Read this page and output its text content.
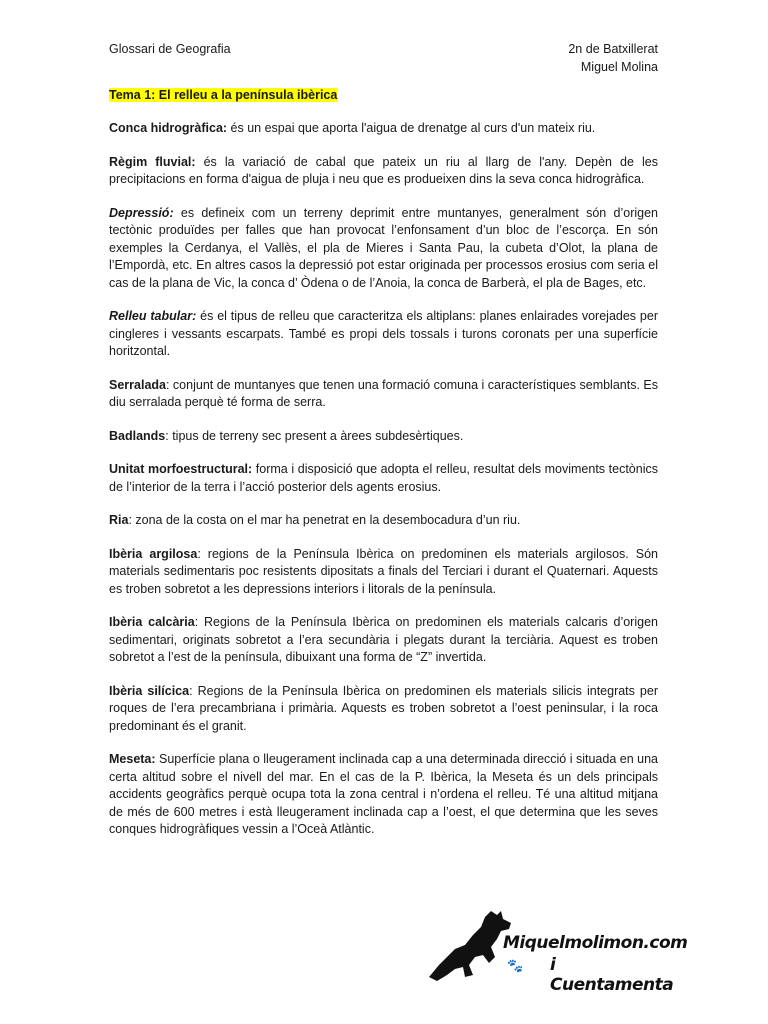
Glossari de Geografia	2n de Batxillerat
Miguel Molina
Tema 1: El relleu a la península ibèrica

Conca hidrogràfica: és un espai que aporta l'aigua de drenatge al curs d'un mateix riu.

Règim fluvial: és la variació de cabal que pateix un riu al llarg de l'any. Depèn de les precipitacions en forma d'aigua de pluja i neu que es produeixen dins la seva conca hidrogràfica.

Depressió: es defineix com un terreny deprimit entre muntanyes, generalment són d’origen tectònic produïdes per falles que han provocat l’enfonsament d’un bloc de l’escorça. En són exemples la Cerdanya, el Vallès, el pla de Mieres i Santa Pau, la cubeta d’Olot, la plana de l’Empordà, etc. En altres casos la depressió pot estar originada per processos erosius com seria el cas de la plana de Vic, la conca d’ Òdena o de l’Anoia, la conca de Barberà, el pla de Bages, etc.

Relleu tabular: és el tipus de relleu que caracteritza els altiplans: planes enlairades vorejades per cingleres i vessants escarpats. També es propi dels tossals i turons coronats per una superfície horitzontal.

Serralada: conjunt de muntanyes que tenen una formació comuna i característiques semblants. Es diu serralada perquè té forma de serra.

Badlands: tipus de terreny sec present a àrees subdesèrtiques.

Unitat morfoestructural: forma i disposició que adopta el relleu, resultat dels moviments tectònics de l’interior de la terra i l’acció posterior dels agents erosius.

Ria: zona de la costa on el mar ha penetrat en la desembocadura d’un riu.

Ibèria argilosa: regions de la Península Ibèrica on predominen els materials argilosos. Són materials sedimentaris poc resistents dipositats a finals del Terciari i durant el Quaternari. Aquests es troben sobretot a les depressions interiors i litorals de la península.

Ibèria calcària: Regions de la Península Ibèrica on predominen els materials calcaris d’origen sedimentari, originats sobretot a l’era secundària i plegats durant la terciària. Aquest es troben sobretot a l’est de la península, dibuixant una forma de “Z” invertida.

Ibèria silícica: Regions de la Península Ibèrica on predominen els materials silicis integrats per roques de l’era precambriana i primària. Aquests es troben sobretot a l’oest peninsular, i la roca predominant és el granit.

Meseta: Superfície plana o lleugerament inclinada cap a una determinada direcció i situada en una certa altitud sobre el nivell del mar. En el cas de la P. Ibèrica, la Meseta és un dels principals accidents geogràfics perquè ocupa tota la zona central i n’ordena el relleu. Té una altitud mitjana de més de 600 metres i està lleugerament inclinada cap a l’oest, el que determina que les seves conques hidrogràfiques vessin a l’Oceà Atlàntic.

Miquelmolimon.com
🐾 i Cuentamenta
